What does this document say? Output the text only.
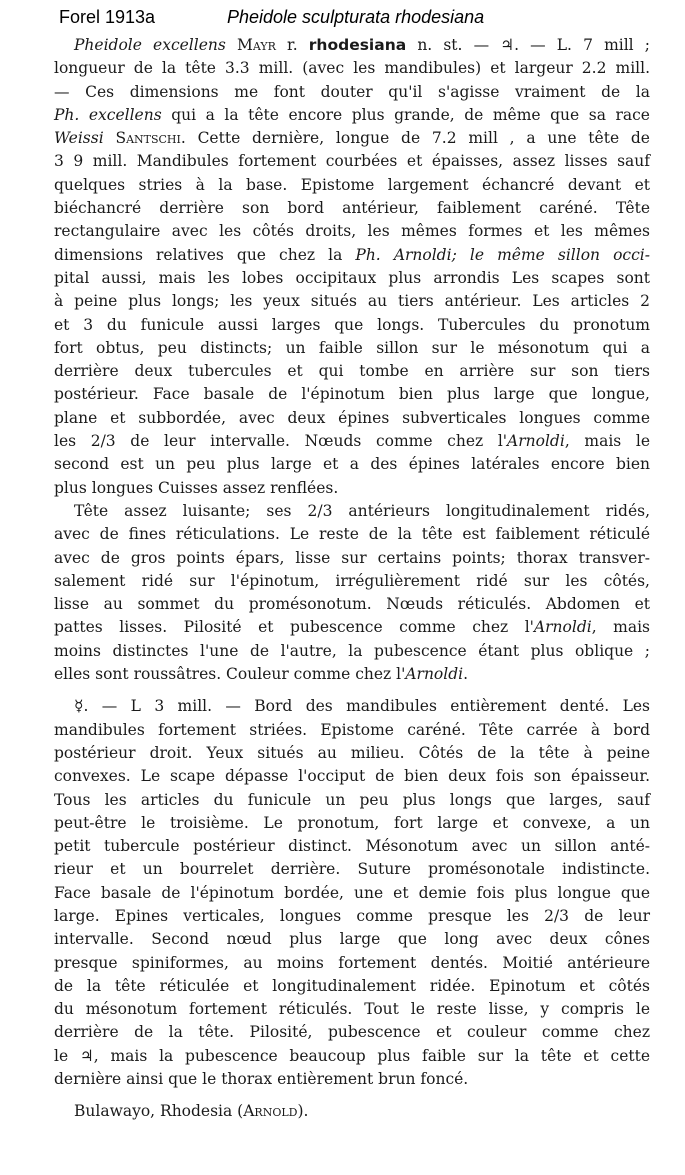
Forel 1913a	Pheidole sculpturata rhodesiana
Pheidole excellens Mayr r. rhodesiana n. st. — ♃. — L. 7 mill ;
longueur de la tête 3.3 mill. (avec les mandibules) et largeur 2.2 mill.
— Ces dimensions me font douter qu'il s'agisse vraiment de la
Ph. excellens qui a la tête encore plus grande, de même que sa race
Weissi Santschi. Cette dernière, longue de 7.2 mill , a une tête de
3 9 mill. Mandibules fortement courbées et épaisses, assez lisses sauf
quelques stries à la base. Epistome largement échancré devant et
biéchancré derrière son bord antérieur, faiblement caréné. Tête
rectangulaire avec les côtés droits, les mêmes formes et les mêmes
dimensions relatives que chez la Ph. Arnoldi; le même sillon occi-
pital aussi, mais les lobes occipitaux plus arrondis Les scapes sont
à peine plus longs; les yeux situés au tiers antérieur. Les articles 2
et 3 du funicule aussi larges que longs. Tubercules du pronotum
fort obtus, peu distincts; un faible sillon sur le mésonotum qui a
derrière deux tubercules et qui tombe en arrière sur son tiers
postérieur. Face basale de l'épinotum bien plus large que longue,
plane et subbordée, avec deux épines subverticales longues comme
les 2/3 de leur intervalle. Nœuds comme chez l'Arnoldi, mais le
second est un peu plus large et a des épines latérales encore bien
plus longues Cuisses assez renflées.
Tête assez luisante; ses 2/3 antérieurs longitudinalement ridés,
avec de fines réticulations. Le reste de la tête est faiblement réticulé
avec de gros points épars, lisse sur certains points; thorax transver-
salement ridé sur l'épinotum, irrégulièrement ridé sur les côtés,
lisse au sommet du promésonotum. Nœuds réticulés. Abdomen et
pattes lisses. Pilosité et pubescence comme chez l'Arnoldi, mais
moins distinctes l'une de l'autre, la pubescence étant plus oblique ;
elles sont roussâtres. Couleur comme chez l'Arnoldi.
☿. — L 3 mill. — Bord des mandibules entièrement denté. Les
mandibules fortement striées. Epistome caréné. Tête carrée à bord
postérieur droit. Yeux situés au milieu. Côtés de la tête à peine
convexes. Le scape dépasse l'occiput de bien deux fois son épaisseur.
Tous les articles du funicule un peu plus longs que larges, sauf
peut-être le troisième. Le pronotum, fort large et convexe, a un
petit tubercule postérieur distinct. Mésonotum avec un sillon anté-
rieur et un bourrelet derrière. Suture promésonotale indistincte.
Face basale de l'épinotum bordée, une et demie fois plus longue que
large. Epines verticales, longues comme presque les 2/3 de leur
intervalle. Second nœud plus large que long avec deux cônes
presque spiniformes, au moins fortement dentés. Moitié antérieure
de la tête réticulée et longitudinalement ridée. Epinotum et côtés
du mésonotum fortement réticulés. Tout le reste lisse, y compris le
derrière de la tête. Pilosité, pubescence et couleur comme chez
le ♃, mais la pubescence beaucoup plus faible sur la tête et cette
dernière ainsi que le thorax entièrement brun foncé.
Bulawayo, Rhodesia (Arnold).
